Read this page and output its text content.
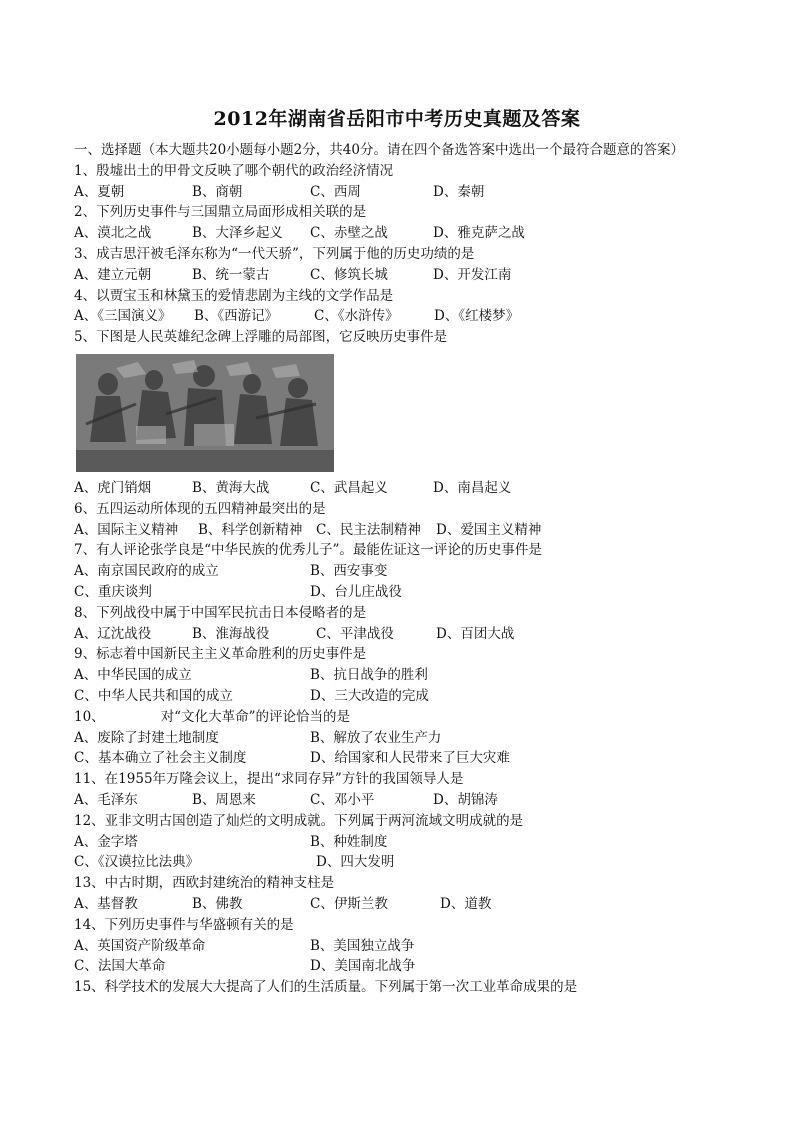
2012年湖南省岳阳市中考历史真题及答案
一、选择题（本大题共20小题每小题2分，共40分。请在四个备选答案中选出一个最符合题意的答案）
1、殷墟出土的甲骨文反映了哪个朝代的政治经济情况
A、夏朝	B、商朝	C、西周	D、秦朝
2、下列历史事件与三国鼎立局面形成相关联的是
A、漠北之战	B、大泽乡起义	C、赤壁之战	D、雅克萨之战
3、成吉思汗被毛泽东称为“一代天骄”，下列属于他的历史功绩的是
A、建立元朝	B、统一蒙古	C、修筑长城	D、开发江南
4、以贾宝玉和林黛玉的爱情悲剧为主线的文学作品是
A、《三国演义》	B、《西游记》	C、《水浒传》	D、《红楼梦》
5、下图是人民英雄纪念碑上浮雕的局部图，它反映历史事件是
A、虎门销烟	B、黄海大战	C、武昌起义	D、南昌起义
6、五四运动所体现的五四精神最突出的是
A、国际主义精神	B、科学创新精神	C、民主法制精神	D、爱国主义精神
7、有人评论张学良是“中华民族的优秀儿子”。最能佐证这一评论的历史事件是
A、南京国民政府的成立	B、西安事变
C、重庆谈判	D、台儿庄战役
8、下列战役中属于中国军民抗击日本侵略者的是
A、辽沈战役	B、淮海战役	C、平津战役	D、百团大战
9、标志着中国新民主主义革命胜利的历史事件是
A、中华民国的成立	B、抗日战争的胜利
C、中华人民共和国的成立	D、三大改造的完成
10、	对“文化大革命”的评论恰当的是
A、废除了封建土地制度	B、解放了农业生产力
C、基本确立了社会主义制度	D、给国家和人民带来了巨大灾难
11、在1955年万隆会议上，提出“求同存异”方针的我国领导人是
A、毛泽东	B、周恩来	C、邓小平	D、胡锦涛
12、亚非文明古国创造了灿烂的文明成就。下列属于两河流域文明成就的是
A、金字塔	B、种姓制度
C、《汉谟拉比法典》	D、四大发明
13、中古时期，西欧封建统治的精神支柱是
A、基督教	B、佛教	C、伊斯兰教	D、道教
14、下列历史事件与华盛顿有关的是
A、英国资产阶级革命	B、美国独立战争
C、法国大革命	D、美国南北战争
15、科学技术的发展大大提高了人们的生活质量。下列属于第一次工业革命成果的是
